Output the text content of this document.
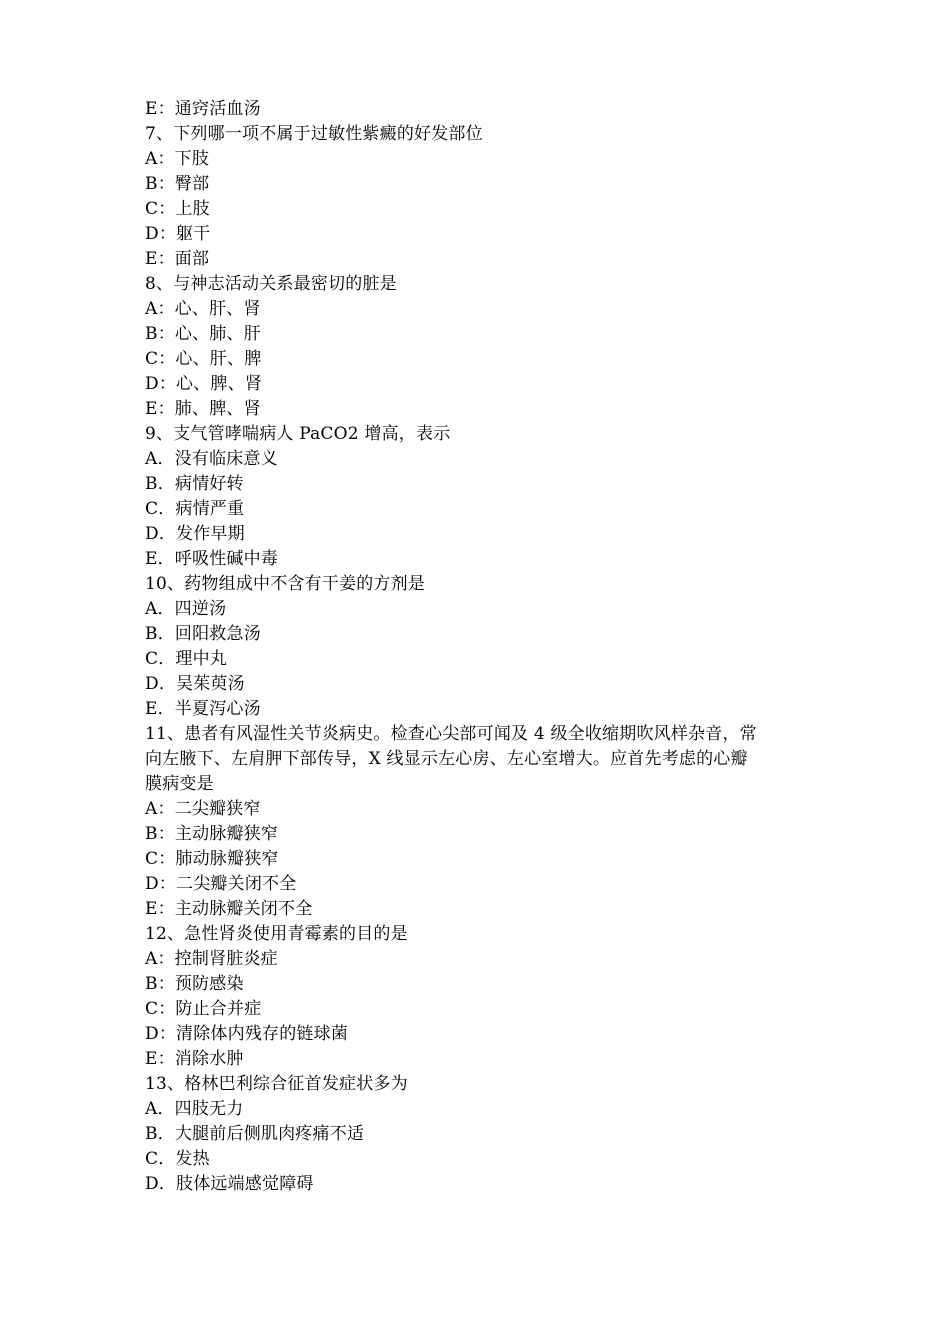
E：通窍活血汤
7、下列哪一项不属于过敏性紫癜的好发部位
A：下肢
B：臀部
C：上肢
D：躯干
E：面部
8、与神志活动关系最密切的脏是
A：心、肝、肾
B：心、肺、肝
C：心、肝、脾
D：心、脾、肾
E：肺、脾、肾
9、支气管哮喘病人 PaCO2 增高，表示
A．没有临床意义
B．病情好转
C．病情严重
D．发作早期
E．呼吸性碱中毒
10、药物组成中不含有干姜的方剂是
A．四逆汤
B．回阳救急汤
C．理中丸
D．吴茱萸汤
E．半夏泻心汤
11、患者有风湿性关节炎病史。检查心尖部可闻及 4 级全收缩期吹风样杂音，常
向左腋下、左肩胛下部传导，X 线显示左心房、左心室增大。应首先考虑的心瓣
膜病变是
A：二尖瓣狭窄
B：主动脉瓣狭窄
C：肺动脉瓣狭窄
D：二尖瓣关闭不全
E：主动脉瓣关闭不全
12、急性肾炎使用青霉素的目的是
A：控制肾脏炎症
B：预防感染
C：防止合并症
D：清除体内残存的链球菌
E：消除水肿
13、格林巴利综合征首发症状多为
A．四肢无力
B．大腿前后侧肌肉疼痛不适
C．发热
D．肢体远端感觉障碍
